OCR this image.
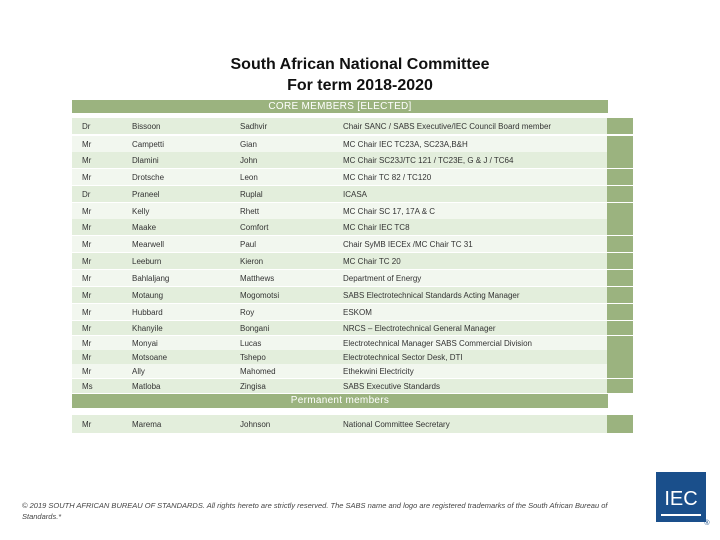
South African National Committee
For term 2018-2020
CORE MEMBERS [ELECTED]
Dr	Bissoon	Sadhvir	Chair SANC / SABS Executive/IEC Council Board member
Mr	Campetti	Gian	MC Chair IEC TC23A, SC23A,B&H
Mr	Dlamini	John	MC Chair SC23J/TC 121 / TC23E, G & J / TC64
Mr	Drotsche	Leon	MC Chair TC 82 / TC120
Dr	Praneel	Ruplal	ICASA
Mr	Kelly	Rhett	MC Chair SC 17, 17A & C
Mr	Maake	Comfort	MC Chair IEC TC8
Mr	Mearwell	Paul	Chair SyMB IECEx /MC Chair TC 31
Mr	Leeburn	Kieron	MC Chair TC 20
Mr	Bahlaljang	Matthews	Department of Energy
Mr	Motaung	Mogomotsi	SABS Electrotechnical Standards Acting Manager
Mr	Hubbard	Roy	ESKOM
Mr	Khanyile	Bongani	NRCS – Electrotechnical General Manager
Mr	Monyai	Lucas	Electrotechnical Manager SABS Commercial Division
Mr	Motsoane	Tshepo	Electrotechnical Sector Desk, DTI
Mr	Ally	Mahomed	Ethekwini Electricity
Ms	Matloba	Zingisa	SABS Executive Standards
Permanent members
Mr	Marema	Johnson	National Committee Secretary
© 2019 SOUTH AFRICAN BUREAU OF STANDARDS. All rights hereto are strictly reserved. The SABS name and logo are registered trademarks of the South African Bureau of Standards.*
IEC
®
